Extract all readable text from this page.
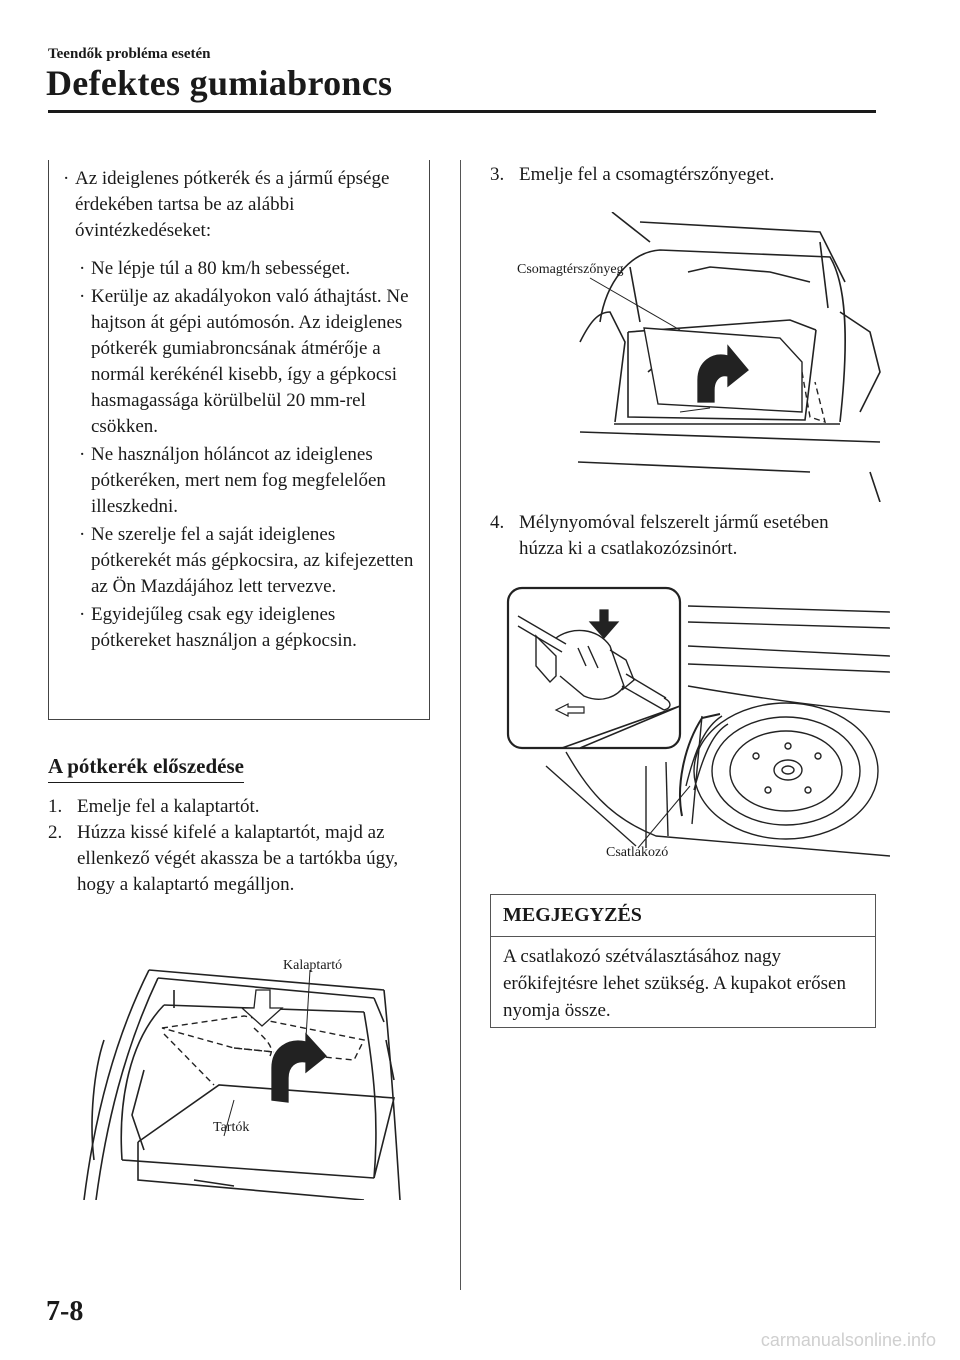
Teendők probléma esetén
Defektes gumiabroncs
· Az ideiglenes pótkerék és a jármű épsége érdekében tartsa be az alábbi óvintézkedéseket:
· Ne lépje túl a 80 km/h sebességet.
· Kerülje az akadályokon való áthajtást. Ne hajtson át gépi autómosón. Az ideiglenes pótkerék gumiabroncsának átmérője a normál kerékénél kisebb, így a gépkocsi hasmagassága körülbelül 20 mm-rel csökken.
· Ne használjon hóláncot az ideiglenes pótkeréken, mert nem fog megfelelően illeszkedni.
· Ne szerelje fel a saját ideiglenes pótkerekét más gépkocsira, az kifejezetten az Ön Mazdájához lett tervezve.
· Egyidejűleg csak egy ideiglenes pótkereket használjon a gépkocsin.
A pótkerék előszedése
1. Emelje fel a kalaptartót.
2. Húzza kissé kifelé a kalaptartót, majd az ellenkező végét akassza be a tartókba úgy, hogy a kalaptartó megálljon.
Kalaptartó
Tartók
3. Emelje fel a csomagtérszőnyeget.
Csomagtérszőnyeg
4. Mélynyomóval felszerelt jármű esetében húzza ki a csatlakozózsinórt.
Csatlakozó
MEGJEGYZÉS
A csatlakozó szétválasztásához nagy erőkifejtésre lehet szükség. A kupakot erősen nyomja össze.
7-8
carmanualsonline.info
